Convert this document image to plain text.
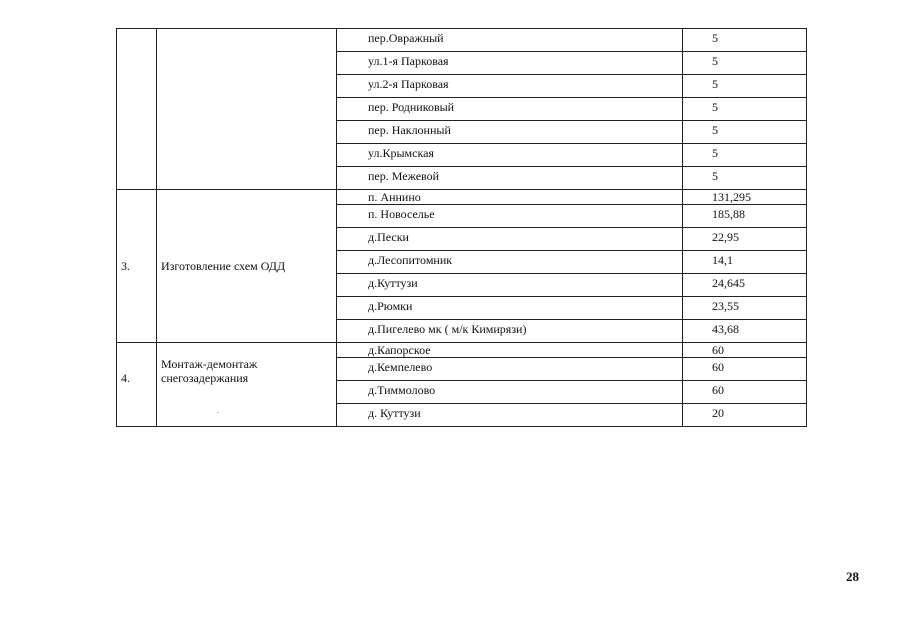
		пер.Овражный	5
		ул.1-я Парковая	5
		ул.2-я Парковая	5
		пер. Родниковый	5
		пер. Наклонный	5
		ул.Крымская	5
		пер. Межевой	5
3.	Изготовление схем ОДД	п. Аннино	131,295
		п. Новоселье	185,88
		д.Пески	22,95
		д.Лесопитомник	14,1
		д.Куттузи	24,645
		д.Рюмки	23,55
		д.Пигелево мк ( м/к Кимирязи)	43,68
4.	Монтаж-демонтаж снегозадержания	д.Капорское	60
		д.Кемпелево	60
		д.Тиммолово	60
		д. Куттузи	20
28
